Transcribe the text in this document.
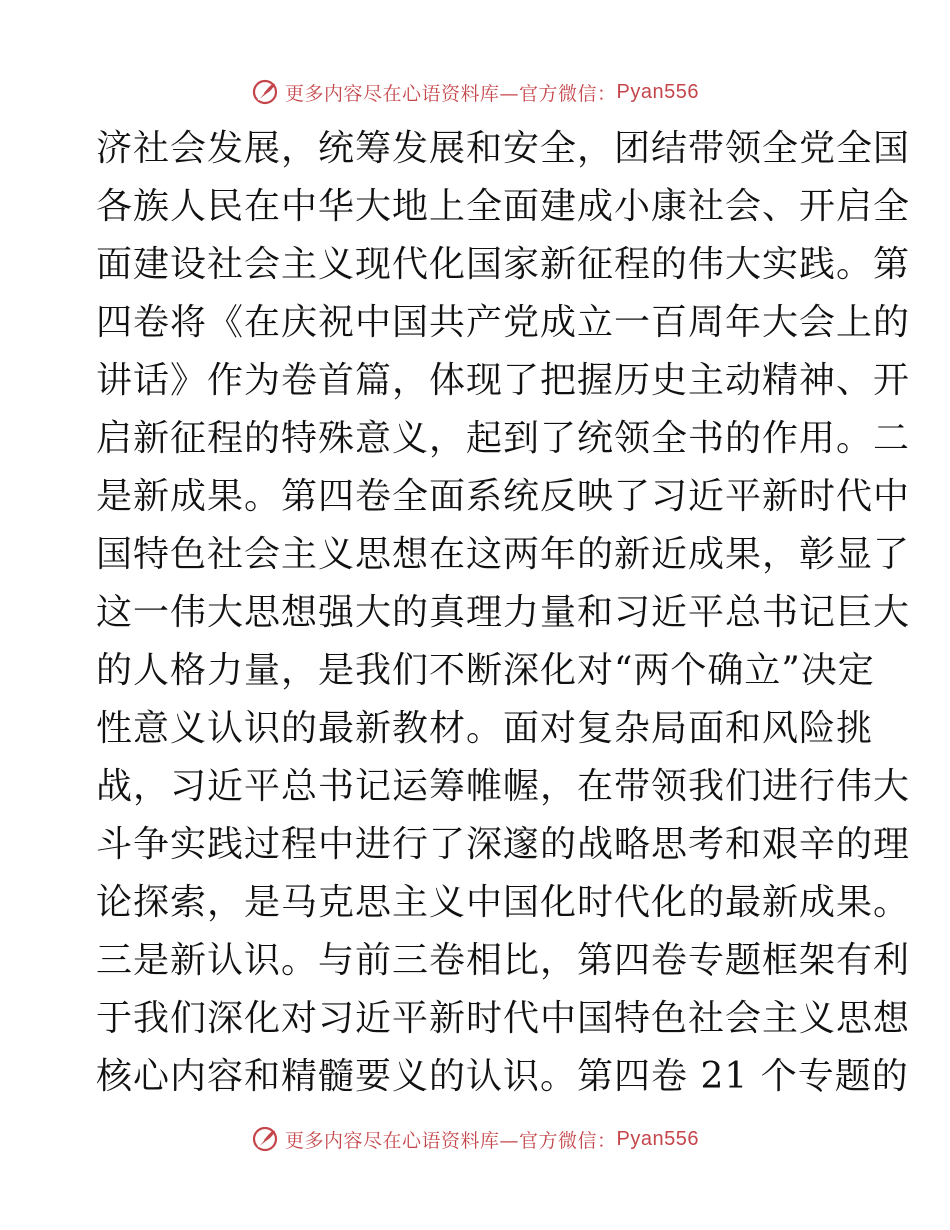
更多内容尽在心语资料库—官方微信： Pyan556
济社会发展，统筹发展和安全，团结带领全党全国
各族人民在中华大地上全面建成小康社会、开启全
面建设社会主义现代化国家新征程的伟大实践。第
四卷将《在庆祝中国共产党成立一百周年大会上的
讲话》作为卷首篇，体现了把握历史主动精神、开
启新征程的特殊意义，起到了统领全书的作用。二
是新成果。第四卷全面系统反映了习近平新时代中
国特色社会主义思想在这两年的新近成果，彰显了
这一伟大思想强大的真理力量和习近平总书记巨大
的人格力量，是我们不断深化对“两个确立”决定
性意义认识的最新教材。面对复杂局面和风险挑
战，习近平总书记运筹帷幄，在带领我们进行伟大
斗争实践过程中进行了深邃的战略思考和艰辛的理
论探索，是马克思主义中国化时代化的最新成果。
三是新认识。与前三卷相比，第四卷专题框架有利
于我们深化对习近平新时代中国特色社会主义思想
核心内容和精髓要义的认识。第四卷 21 个专题的
更多内容尽在心语资料库—官方微信： Pyan556
